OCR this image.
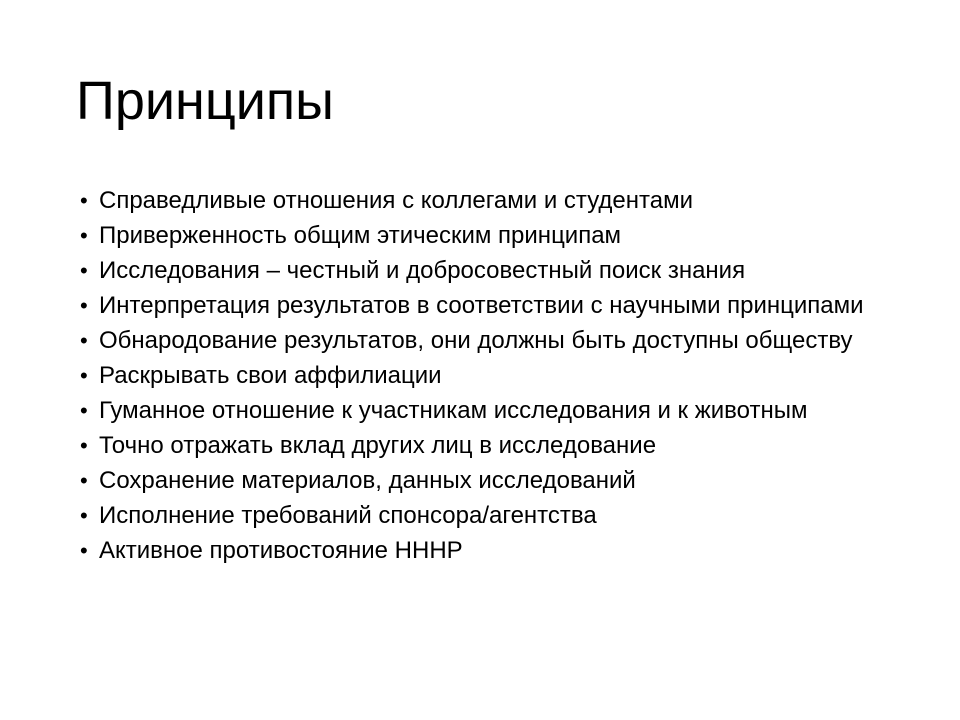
Принципы
• Справедливые отношения с коллегами и студентами
• Приверженность общим этическим принципам
• Исследования – честный и добросовестный поиск знания
• Интерпретация результатов в соответствии с научными принципами
• Обнародование результатов, они должны быть доступны обществу
• Раскрывать свои аффилиации
• Гуманное отношение к участникам исследования и к животным
• Точно отражать вклад других лиц в исследование
• Сохранение материалов, данных исследований
• Исполнение требований спонсора/агентства
• Активное противостояние НННР
